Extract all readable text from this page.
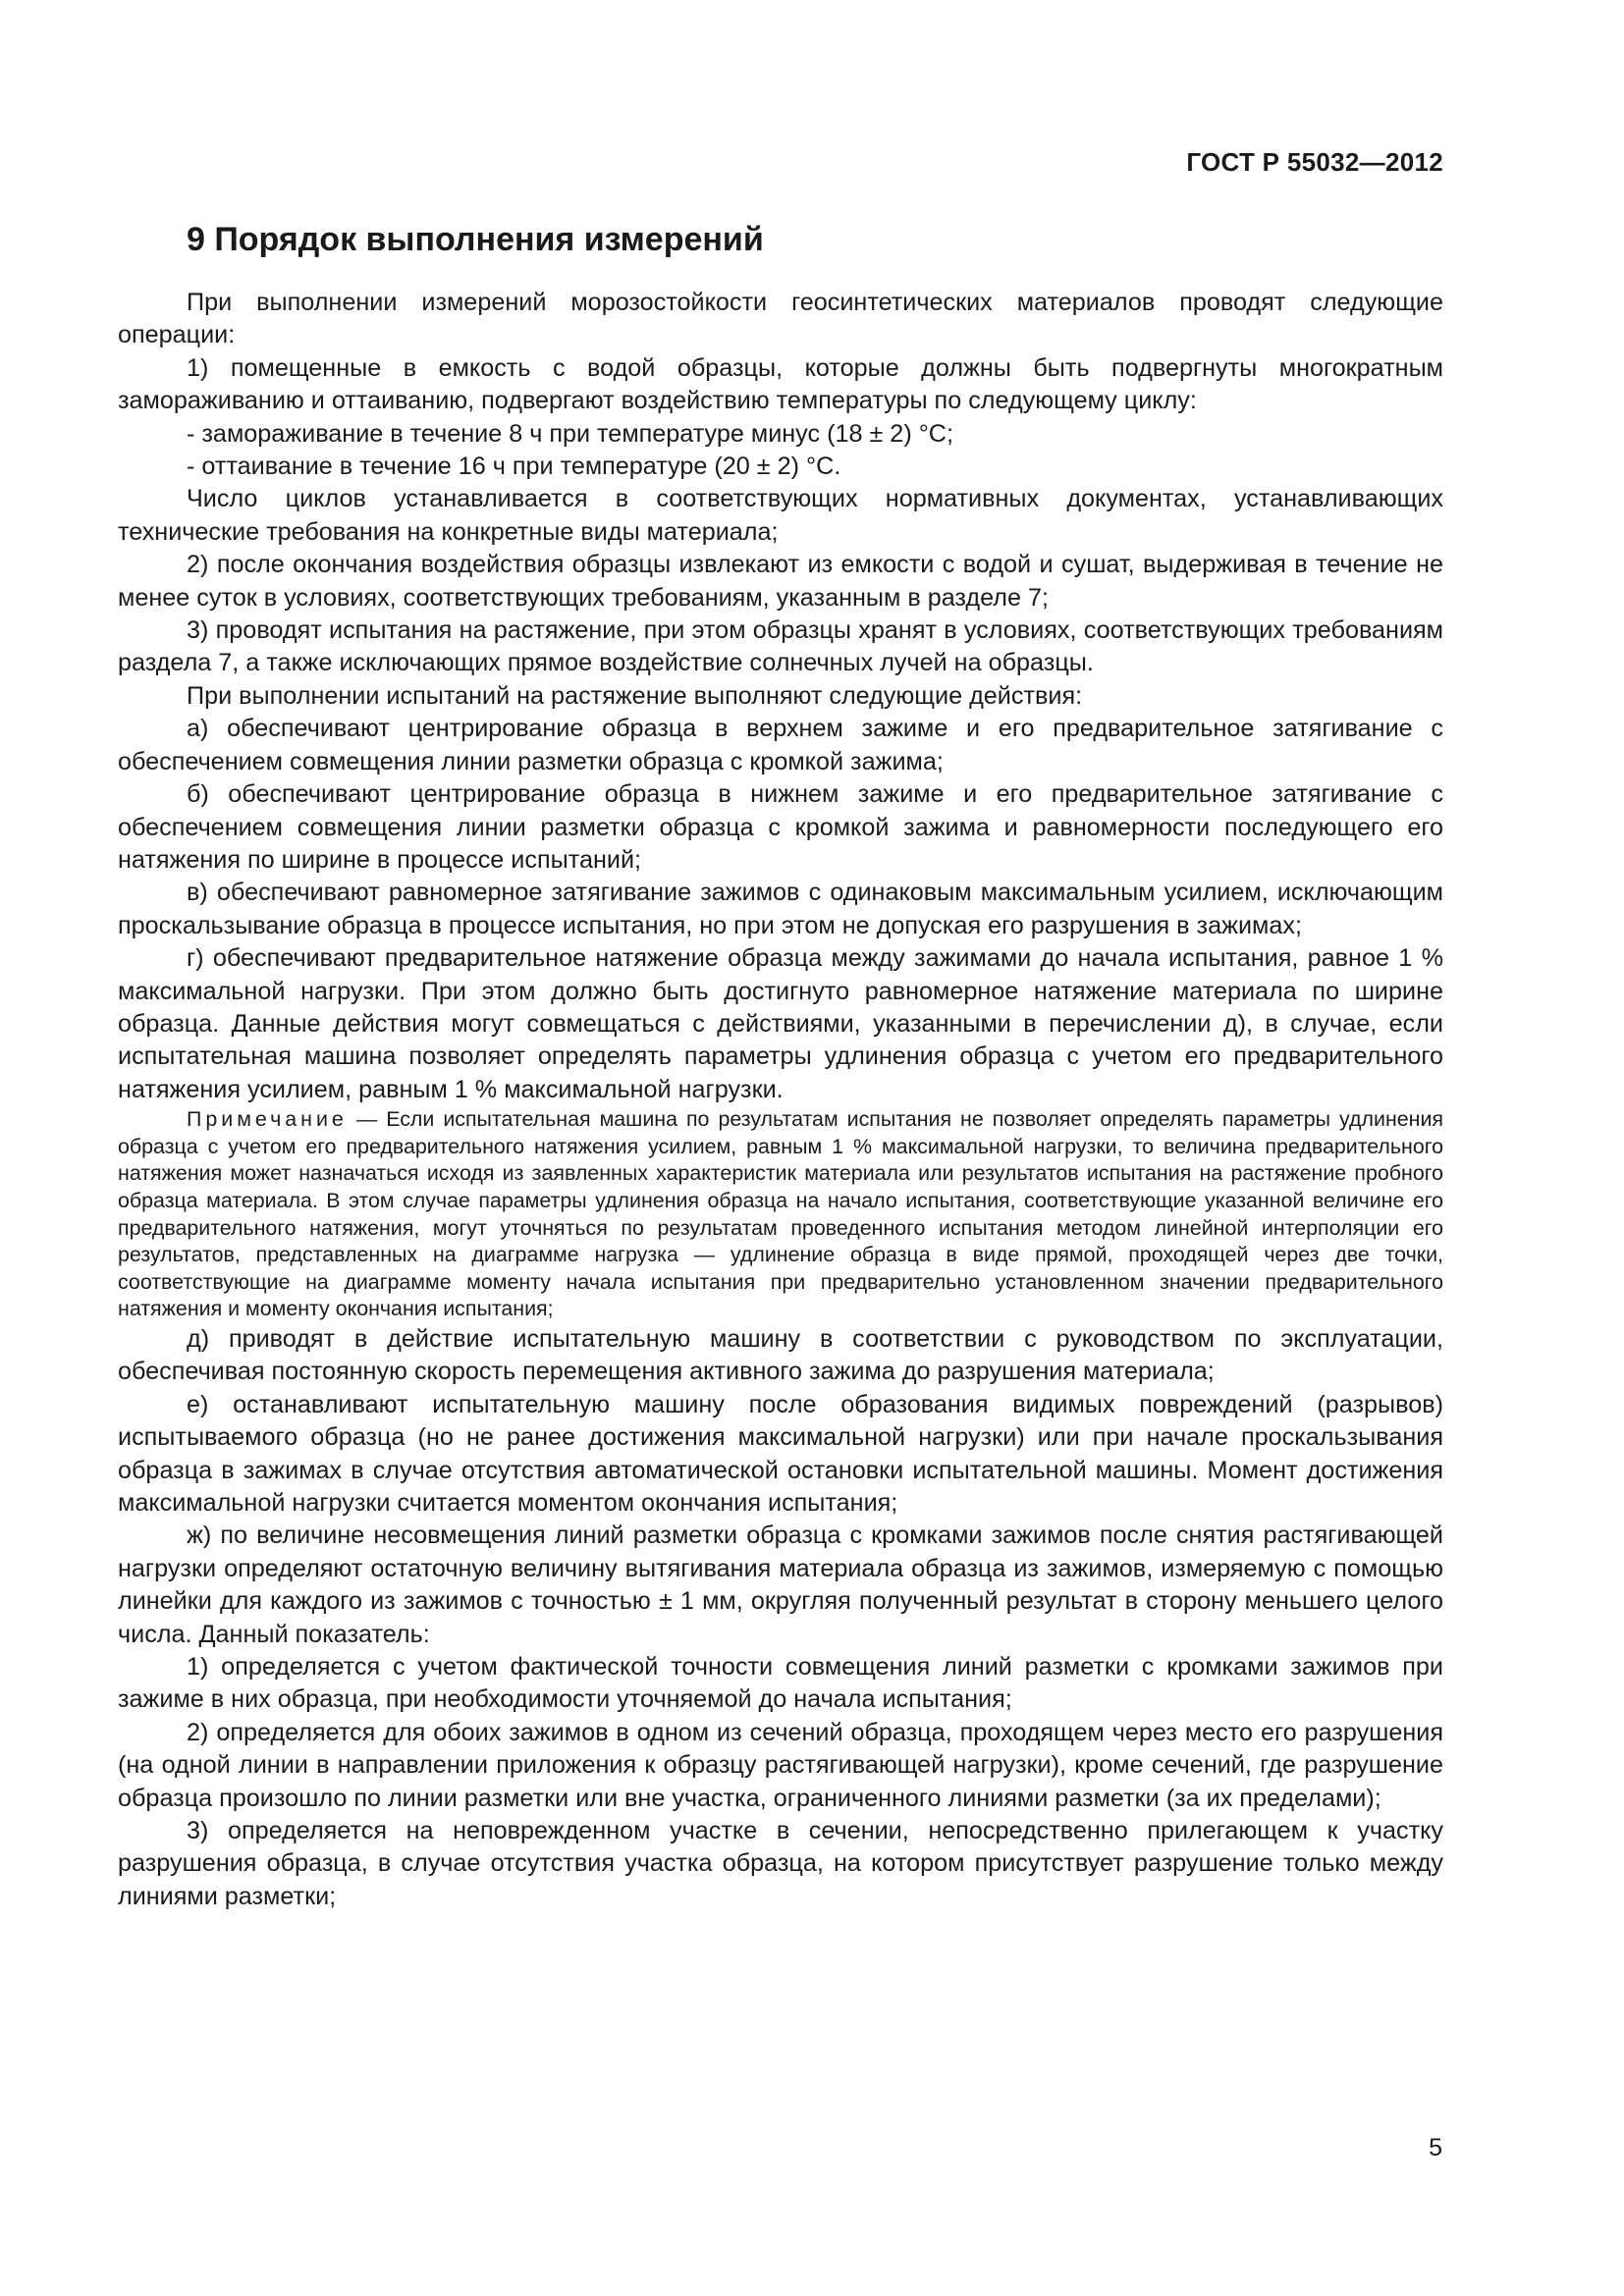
ГОСТ Р 55032—2012
9 Порядок выполнения измерений

При выполнении измерений морозостойкости геосинтетических материалов проводят следующие операции:

1) помещенные в емкость с водой образцы, которые должны быть подвергнуты многократным замораживанию и оттаиванию, подвергают воздействию температуры по следующему циклу:

- замораживание в течение 8 ч при температуре минус (18 ± 2) °С;

- оттаивание в течение 16 ч при температуре (20 ± 2) °С.

Число циклов устанавливается в соответствующих нормативных документах, устанавливающих технические требования на конкретные виды материала;

2) после окончания воздействия образцы извлекают из емкости с водой и сушат, выдерживая в течение не менее суток в условиях, соответствующих требованиям, указанным в разделе 7;

3) проводят испытания на растяжение, при этом образцы хранят в условиях, соответствующих требованиям раздела 7, а также исключающих прямое воздействие солнечных лучей на образцы.

При выполнении испытаний на растяжение выполняют следующие действия:

а) обеспечивают центрирование образца в верхнем зажиме и его предварительное затягивание с обеспечением совмещения линии разметки образца с кромкой зажима;

б) обеспечивают центрирование образца в нижнем зажиме и его предварительное затягивание с обеспечением совмещения линии разметки образца с кромкой зажима и равномерности последующего его натяжения по ширине в процессе испытаний;

в) обеспечивают равномерное затягивание зажимов с одинаковым максимальным усилием, исключающим проскальзывание образца в процессе испытания, но при этом не допуская его разрушения в зажимах;

г) обеспечивают предварительное натяжение образца между зажимами до начала испытания, равное 1 % максимальной нагрузки. При этом должно быть достигнуто равномерное натяжение материала по ширине образца. Данные действия могут совмещаться с действиями, указанными в перечислении д), в случае, если испытательная машина позволяет определять параметры удлинения образца с учетом его предварительного натяжения усилием, равным 1 % максимальной нагрузки.

Примечание — Если испытательная машина по результатам испытания не позволяет определять параметры удлинения образца с учетом его предварительного натяжения усилием, равным 1 % максимальной нагрузки, то величина предварительного натяжения может назначаться исходя из заявленных характеристик материала или результатов испытания на растяжение пробного образца материала. В этом случае параметры удлинения образца на начало испытания, соответствующие указанной величине его предварительного натяжения, могут уточняться по результатам проведенного испытания методом линейной интерполяции его результатов, представленных на диаграмме нагрузка — удлинение образца в виде прямой, проходящей через две точки, соответствующие на диаграмме моменту начала испытания при предварительно установленном значении предварительного натяжения и моменту окончания испытания;

д) приводят в действие испытательную машину в соответствии с руководством по эксплуатации, обеспечивая постоянную скорость перемещения активного зажима до разрушения материала;

е) останавливают испытательную машину после образования видимых повреждений (разрывов) испытываемого образца (но не ранее достижения максимальной нагрузки) или при начале проскальзывания образца в зажимах в случае отсутствия автоматической остановки испытательной машины. Момент достижения максимальной нагрузки считается моментом окончания испытания;

ж) по величине несовмещения линий разметки образца с кромками зажимов после снятия растягивающей нагрузки определяют остаточную величину вытягивания материала образца из зажимов, измеряемую с помощью линейки для каждого из зажимов с точностью ± 1 мм, округляя полученный результат в сторону меньшего целого числа. Данный показатель:

1) определяется с учетом фактической точности совмещения линий разметки с кромками зажимов при зажиме в них образца, при необходимости уточняемой до начала испытания;

2) определяется для обоих зажимов в одном из сечений образца, проходящем через место его разрушения (на одной линии в направлении приложения к образцу растягивающей нагрузки), кроме сечений, где разрушение образца произошло по линии разметки или вне участка, ограниченного линиями разметки (за их пределами);

3) определяется на неповрежденном участке в сечении, непосредственно прилегающем к участку разрушения образца, в случае отсутствия участка образца, на котором присутствует разрушение только между линиями разметки;

5
